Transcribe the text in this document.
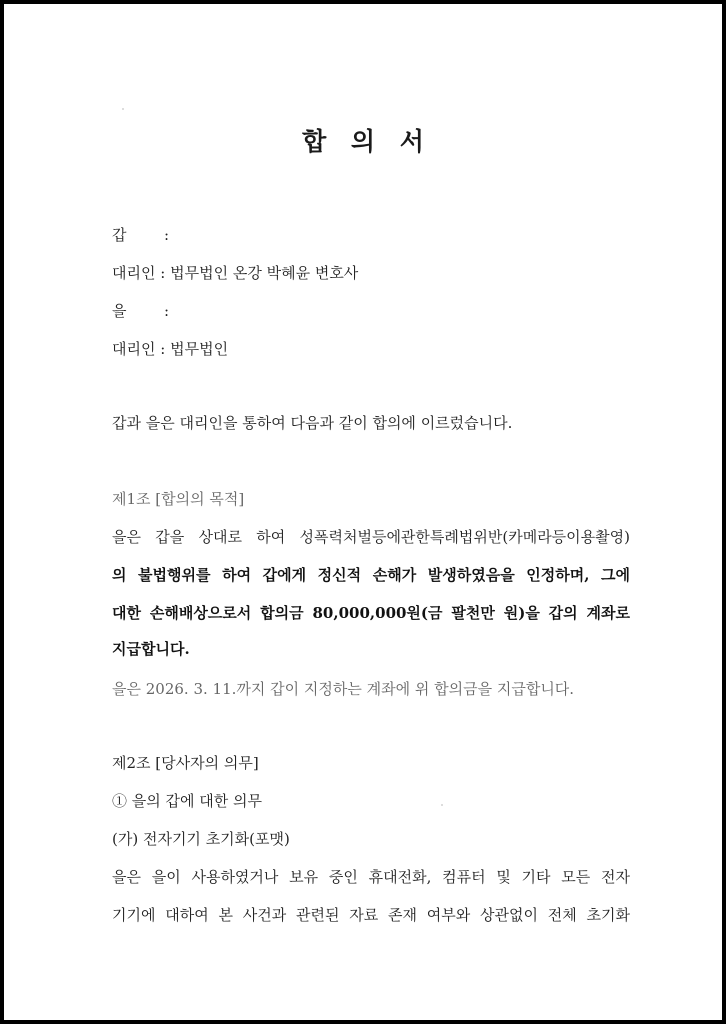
합 의 서
갑	:
대리인 : 법무법인 온강 박혜윤 변호사
을	:
대리인 : 법무법인
갑과 을은 대리인을 통하여 다음과 같이 합의에 이르렀습니다.
제1조 [합의의 목적]
을은 갑을 상대로 하여 성폭력처벌등에관한특례법위반(카메라등이용촬영)
의 불법행위를 하여 갑에게 정신적 손해가 발생하였음을 인정하며, 그에
대한 손해배상으로서 합의금 80,000,000원(금 팔천만 원)을 갑의 계좌로
지급합니다.
을은 2026. 3. 11.까지 갑이 지정하는 계좌에 위 합의금을 지급합니다.
제2조 [당사자의 의무]
① 을의 갑에 대한 의무
(가) 전자기기 초기화(포맷)
을은 을이 사용하였거나 보유 중인 휴대전화, 컴퓨터 및 기타 모든 전자
기기에 대하여 본 사건과 관련된 자료 존재 여부와 상관없이 전체 초기화
